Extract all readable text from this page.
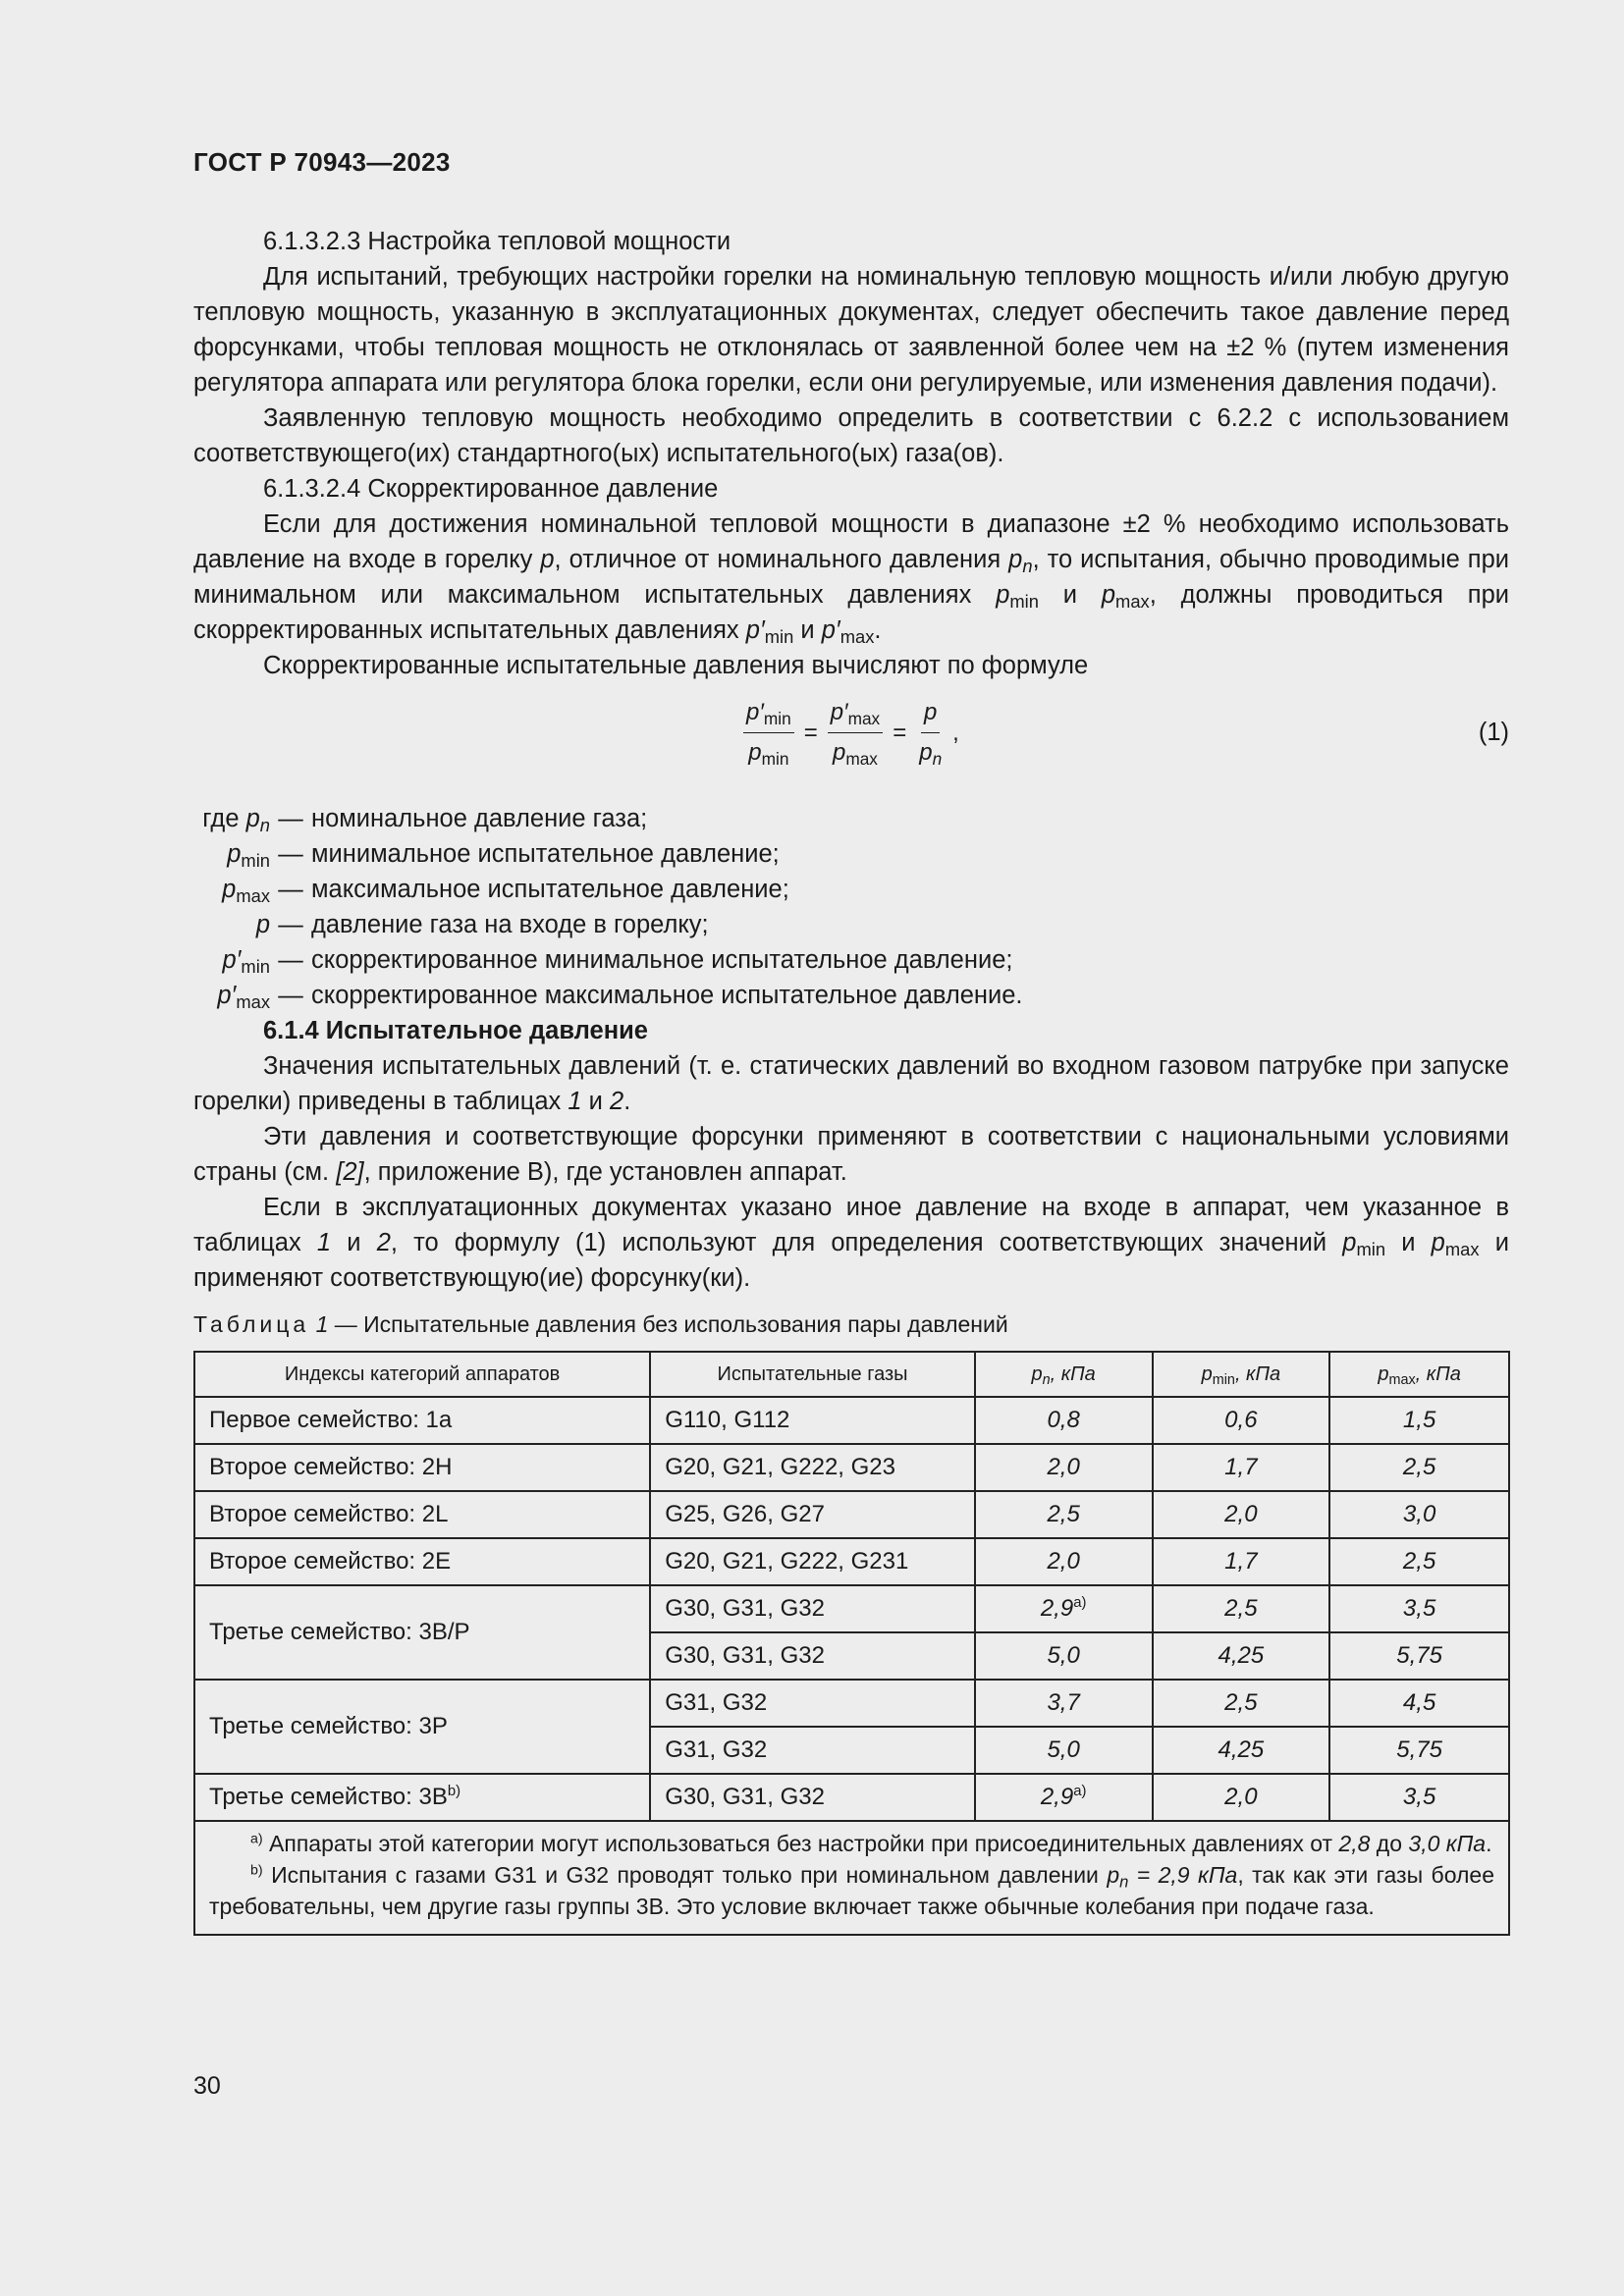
ГОСТ Р 70943—2023

6.1.3.2.3 Настройка тепловой мощности

Для испытаний, требующих настройки горелки на номинальную тепловую мощность и/или любую другую тепловую мощность, указанную в эксплуатационных документах, следует обеспечить такое давление перед форсунками, чтобы тепловая мощность не отклонялась от заявленной более чем на ±2 % (путем изменения регулятора аппарата или регулятора блока горелки, если они регулируемые, или изменения давления подачи).

Заявленную тепловую мощность необходимо определить в соответствии с 6.2.2 с использованием соответствующего(их) стандартного(ых) испытательного(ых) газа(ов).

6.1.3.2.4 Скорректированное давление

Если для достижения номинальной тепловой мощности в диапазоне ±2 % необходимо использовать давление на входе в горелку p, отличное от номинального давления $p_n$, то испытания, обычно проводимые при минимальном или максимальном испытательных давлениях $p_{min}$ и $p_{max}$, должны проводиться при скорректированных испытательных давлениях $p'_{min}$ и $p'_{max}$.

Скорректированные испытательные давления вычисляют по формуле

$\frac{p'_{min}}{p_{min}} = \frac{p'_{max}}{p_{max}} = \frac{p}{p_n}$ ,	(1)
где $p_n$ — номинальное давление газа;
$p_{min}$ — минимальное испытательное давление;
$p_{max}$ — максимальное испытательное давление;
p — давление газа на входе в горелку;
$p'_{min}$ — скорректированное минимальное испытательное давление;
$p'_{max}$ — скорректированное максимальное испытательное давление.

6.1.4 Испытательное давление

Значения испытательных давлений (т. е. статических давлений во входном газовом патрубке при запуске горелки) приведены в таблицах 1 и 2.

Эти давления и соответствующие форсунки применяют в соответствии с национальными условиями страны (см. [2], приложение В), где установлен аппарат.

Если в эксплуатационных документах указано иное давление на входе в аппарат, чем указанное в таблицах 1 и 2, то формулу (1) используют для определения соответствующих значений $p_{min}$ и $p_{max}$ и применяют соответствующую(ие) форсунку(ки).

Таблица 1 — Испытательные давления без использования пары давлений
Индексы категорий аппаратов	Испытательные газы	$p_n$, кПа	$p_{min}$, кПа	$p_{max}$, кПа
Первое семейство: 1а	G110, G112	0,8	0,6	1,5
Второе семейство: 2Н	G20, G21, G222, G23	2,0	1,7	2,5
Второе семейство: 2L	G25, G26, G27	2,5	2,0	3,0
Второе семейство: 2Е	G20, G21, G222, G231	2,0	1,7	2,5
Третье семейство: 3В/Р	G30, G31, G32	$2,9^{а)}$	2,5	3,5
	G30, G31, G32	5,0	4,25	5,75
Третье семейство: 3Р	G31, G32	3,7	2,5	4,5
	G31, G32	5,0	4,25	5,75
Третье семейство: $3В^{b)}$	G30, G31, G32	$2,9^{а)}$	2,0	3,5

$^{а)}$ Аппараты этой категории могут использоваться без настройки при присоединительных давлениях от 2,8 до 3,0 кПа.

$^{b)}$ Испытания с газами G31 и G32 проводят только при номинальном давлении $p_n = 2,9$ кПа, так как эти газы более требовательны, чем другие газы группы 3В. Это условие включает также обычные колебания при подаче газа.				

30
